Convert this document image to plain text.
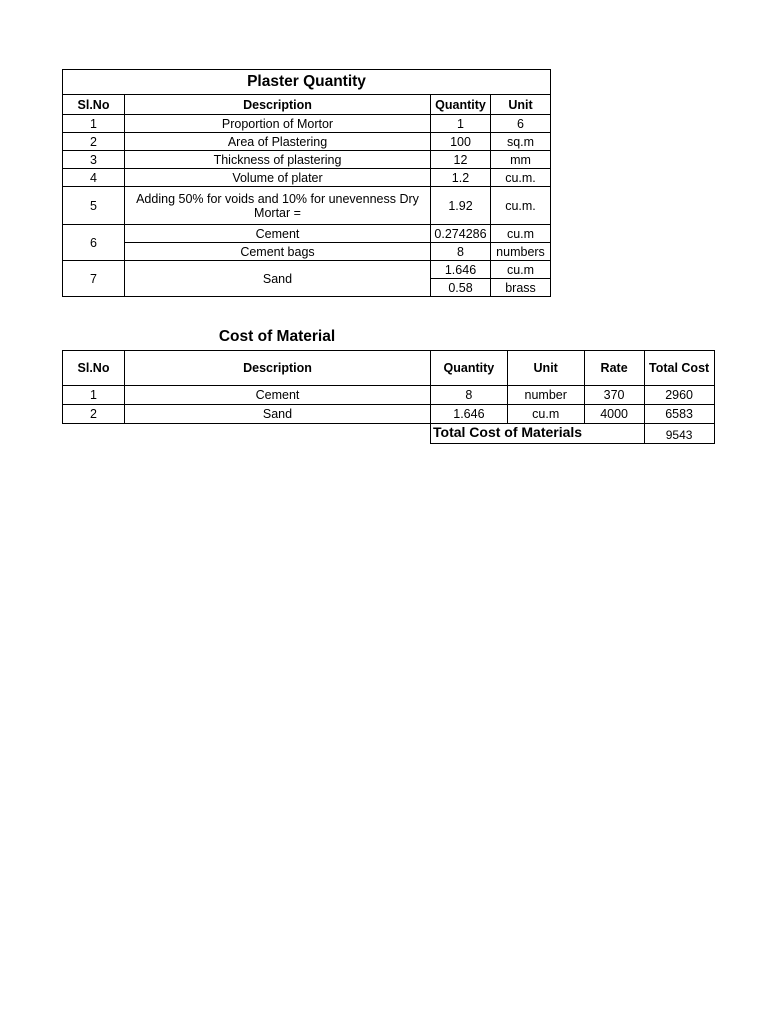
Plaster Quantity			
Sl.No	Description	Quantity	Unit
1	Proportion of Mortor	1	6
2	Area of Plastering	100	sq.m
3	Thickness of plastering	12	mm
4	Volume of plater	1.2	cu.m.
5	Adding 50% for voids and 10% for unevenness Dry Mortar =	1.92	cu.m.
6	Cement	0.274286	cu.m
	Cement bags	8	numbers
7	Sand	1.646	cu.m
		0.58	brass
Cost of Material
Sl.No	Description	Quantity	Unit	Rate	Total Cost
1	Cement	8	number	370	2960
2	Sand	1.646	cu.m	4000	6583
		Total Cost of Materials			9543
